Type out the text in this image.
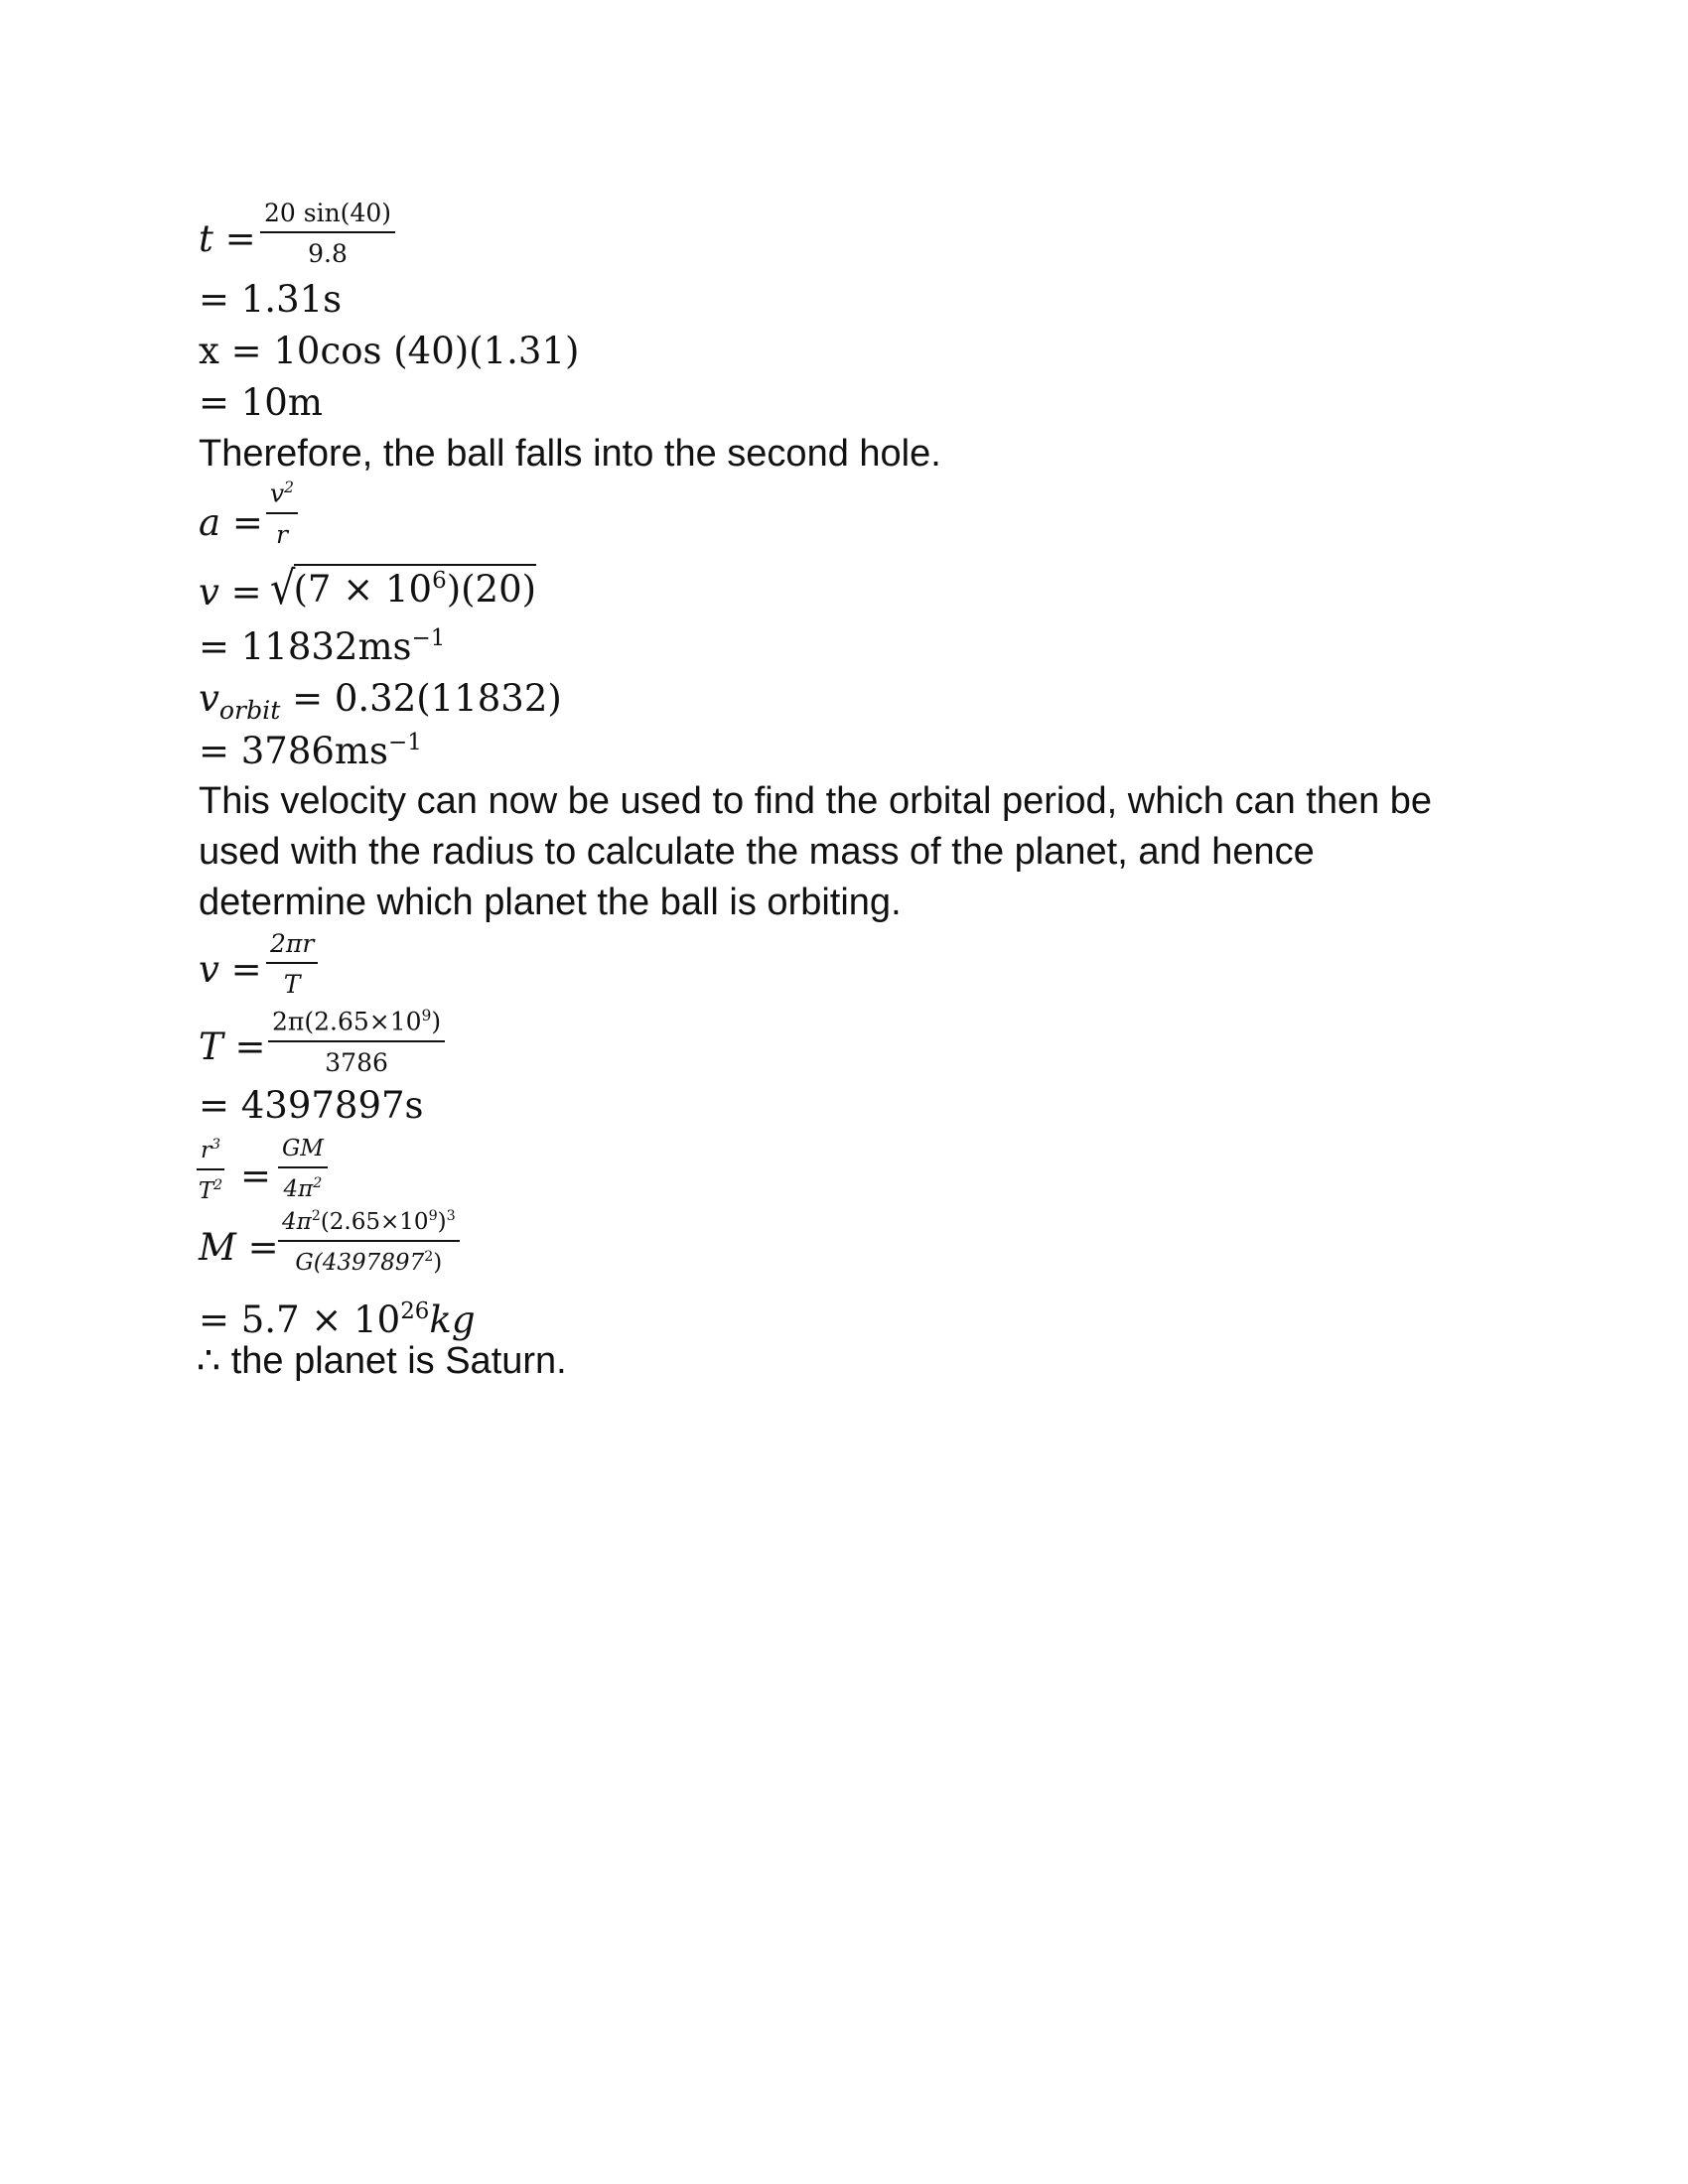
$t = \frac{20 \sin(40)}{9.8}$
= 1.31s
x = 10cos (40)(1.31)
= 10m
Therefore, the ball falls into the second hole.
$a = \frac{v^2}{r}$
$v = √(7 \times 10^6)(20)$
= $11832ms^{-1}$
$v_{orbit} = 0.32(11832)$
= $3786ms^{-1}$
This velocity can now be used to find the orbital period, which can then be
used with the radius to calculate the mass of the planet, and hence
determine which planet the ball is orbiting.
$v = \frac{2\pi r}{T}$
$T = \frac{2\pi(2.65\times 10^9)}{3786}$
= 4397897s
$\frac{r^3}{T^2} = \frac{GM}{4\pi^2}$
$M = \frac{4\pi^2(2.65\times 10^9)^3}{G(4397897^2)}$
= $5.7 \times 10^{26}kg$
∴ the planet is Saturn.
